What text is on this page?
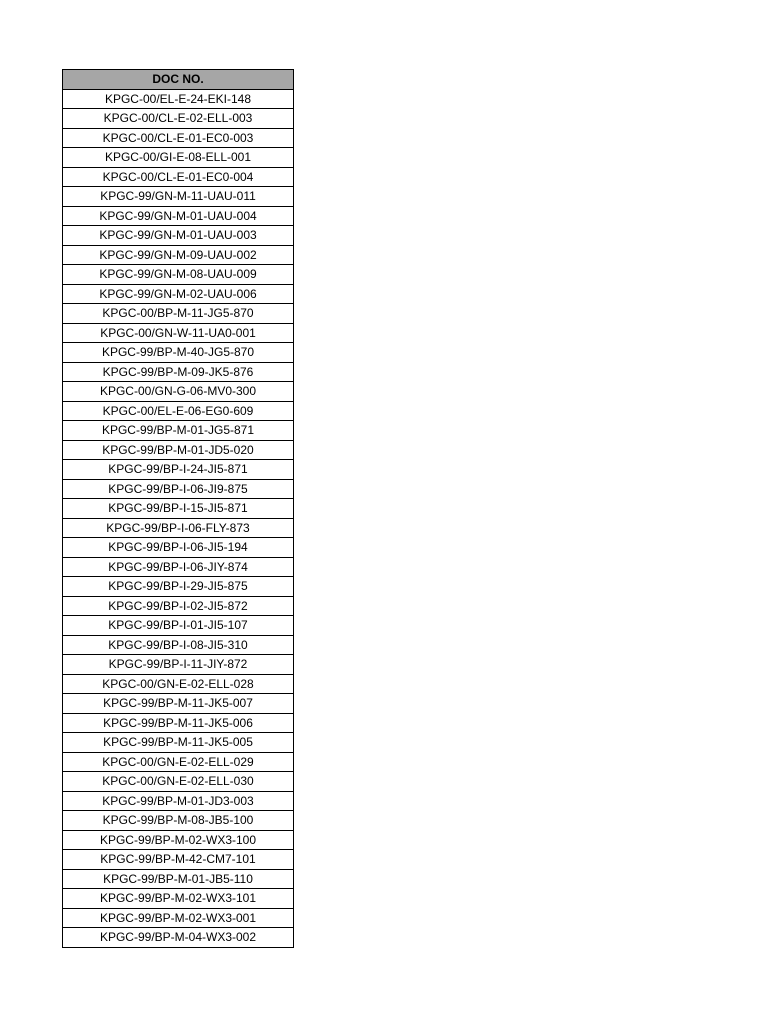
DOC NO.
KPGC-00/EL-E-24-EKI-148
KPGC-00/CL-E-02-ELL-003
KPGC-00/CL-E-01-EC0-003
KPGC-00/GI-E-08-ELL-001
KPGC-00/CL-E-01-EC0-004
KPGC-99/GN-M-11-UAU-011
KPGC-99/GN-M-01-UAU-004
KPGC-99/GN-M-01-UAU-003
KPGC-99/GN-M-09-UAU-002
KPGC-99/GN-M-08-UAU-009
KPGC-99/GN-M-02-UAU-006
KPGC-00/BP-M-11-JG5-870
KPGC-00/GN-W-11-UA0-001
KPGC-99/BP-M-40-JG5-870
KPGC-99/BP-M-09-JK5-876
KPGC-00/GN-G-06-MV0-300
KPGC-00/EL-E-06-EG0-609
KPGC-99/BP-M-01-JG5-871
KPGC-99/BP-M-01-JD5-020
KPGC-99/BP-I-24-JI5-871
KPGC-99/BP-I-06-JI9-875
KPGC-99/BP-I-15-JI5-871
KPGC-99/BP-I-06-FLY-873
KPGC-99/BP-I-06-JI5-194
KPGC-99/BP-I-06-JIY-874
KPGC-99/BP-I-29-JI5-875
KPGC-99/BP-I-02-JI5-872
KPGC-99/BP-I-01-JI5-107
KPGC-99/BP-I-08-JI5-310
KPGC-99/BP-I-11-JIY-872
KPGC-00/GN-E-02-ELL-028
KPGC-99/BP-M-11-JK5-007
KPGC-99/BP-M-11-JK5-006
KPGC-99/BP-M-11-JK5-005
KPGC-00/GN-E-02-ELL-029
KPGC-00/GN-E-02-ELL-030
KPGC-99/BP-M-01-JD3-003
KPGC-99/BP-M-08-JB5-100
KPGC-99/BP-M-02-WX3-100
KPGC-99/BP-M-42-CM7-101
KPGC-99/BP-M-01-JB5-110
KPGC-99/BP-M-02-WX3-101
KPGC-99/BP-M-02-WX3-001
KPGC-99/BP-M-04-WX3-002
